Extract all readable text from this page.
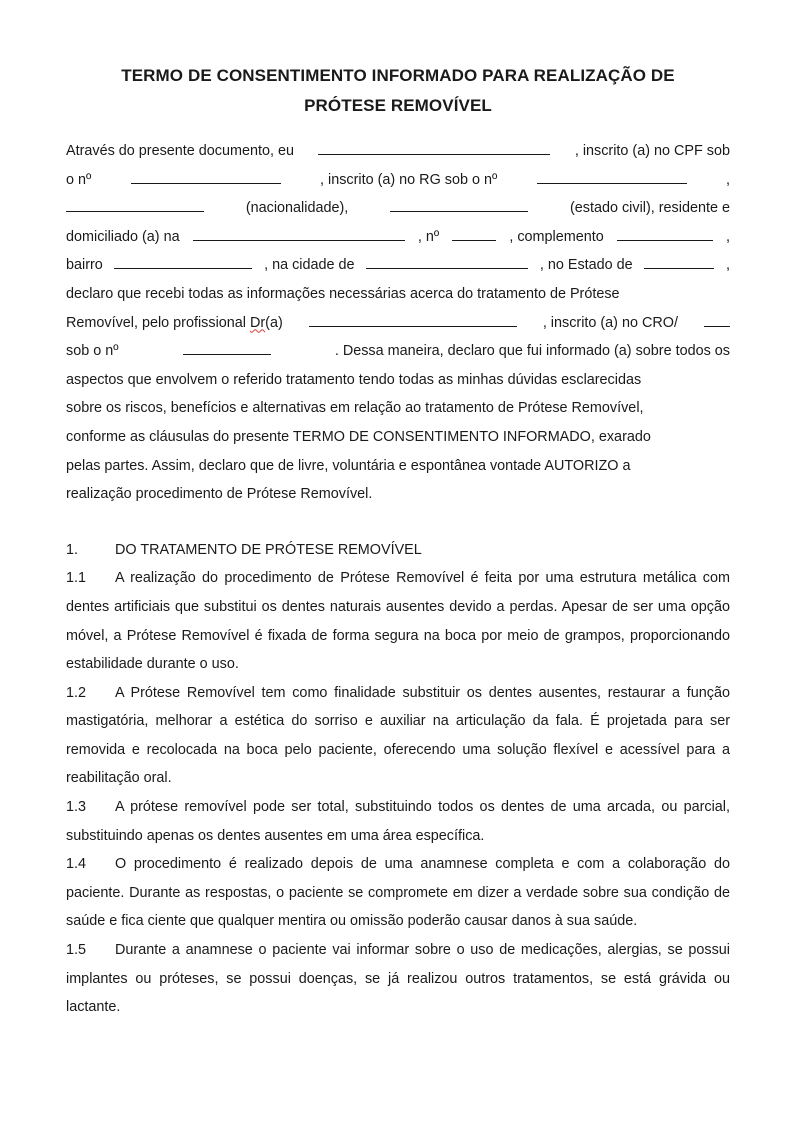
TERMO DE CONSENTIMENTO INFORMADO PARA REALIZAÇÃO DE
PRÓTESE REMOVÍVEL
Através do presente documento, eu	, inscrito (a) no CPF sob
o nº	, inscrito (a) no RG sob o nº	,
(nacionalidade),	(estado civil), residente e
domiciliado (a) na	, nº	, complemento	,
bairro	, na cidade de	, no Estado de	,
declaro que recebi todas as informações necessárias acerca do tratamento de Prótese
Removível, pelo profissional Dr(a)	, inscrito (a) no CRO/
sob o nº	. Dessa maneira, declaro que fui informado (a) sobre todos os
aspectos que envolvem o referido tratamento tendo todas as minhas dúvidas esclarecidas
sobre os riscos, benefícios e alternativas em relação ao tratamento de Prótese Removível,
conforme as cláusulas do presente TERMO DE CONSENTIMENTO INFORMADO, exarado
pelas partes. Assim, declaro que de livre, voluntária e espontânea vontade AUTORIZO a
realização procedimento de Prótese Removível.
1.	DO TRATAMENTO DE PRÓTESE REMOVÍVEL
1.1 A realização do procedimento de Prótese Removível é feita por uma estrutura metálica com dentes artificiais que substitui os dentes naturais ausentes devido a perdas. Apesar de ser uma opção móvel, a Prótese Removível é fixada de forma segura na boca por meio de grampos, proporcionando estabilidade durante o uso.
1.2 A Prótese Removível tem como finalidade substituir os dentes ausentes, restaurar a função mastigatória, melhorar a estética do sorriso e auxiliar na articulação da fala. É projetada para ser removida e recolocada na boca pelo paciente, oferecendo uma solução flexível e acessível para a reabilitação oral.
1.3 A prótese removível pode ser total, substituindo todos os dentes de uma arcada, ou parcial, substituindo apenas os dentes ausentes em uma área específica.
1.4 O procedimento é realizado depois de uma anamnese completa e com a colaboração do paciente. Durante as respostas, o paciente se compromete em dizer a verdade sobre sua condição de saúde e fica ciente que qualquer mentira ou omissão poderão causar danos à sua saúde.
1.5 Durante a anamnese o paciente vai informar sobre o uso de medicações, alergias, se possui implantes ou próteses, se possui doenças, se já realizou outros tratamentos, se está grávida ou lactante.
